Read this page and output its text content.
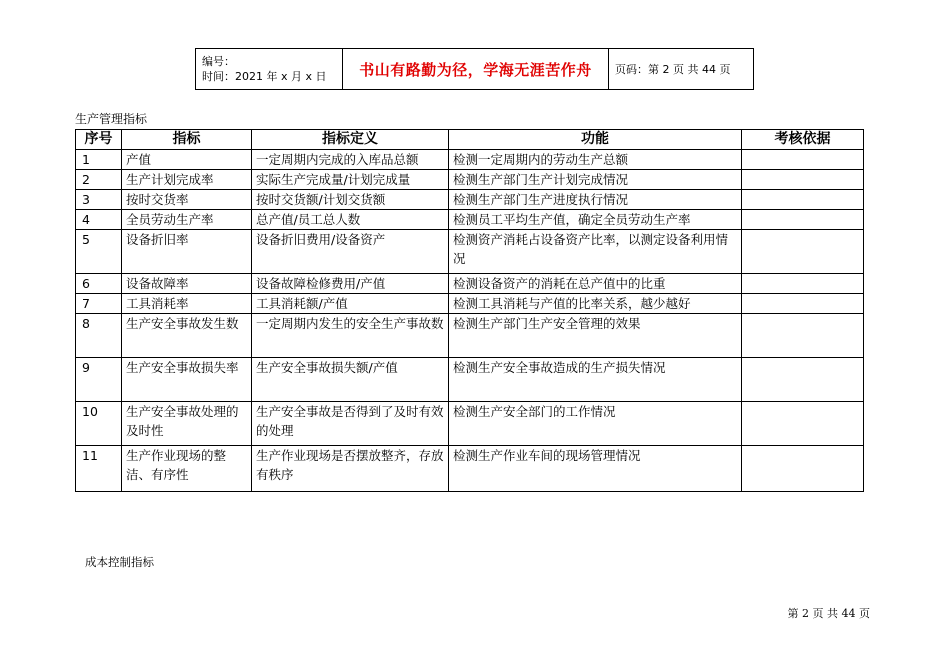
编号：
时间：2021 年 x 月 x 日	书山有路勤为径，学海无涯苦作舟	页码：第 2 页 共 44 页
生产管理指标
序号	指标	指标定义	功能	考核依据
1	产值	一定周期内完成的入库品总额	检测一定周期内的劳动生产总额	
2	生产计划完成率	实际生产完成量/计划完成量	检测生产部门生产计划完成情况	
3	按时交货率	按时交货额/计划交货额	检测生产部门生产进度执行情况	
4	全员劳动生产率	总产值/员工总人数	检测员工平均生产值，确定全员劳动生产率	
5	设备折旧率	设备折旧费用/设备资产	检测资产消耗占设备资产比率，以测定设备利用情况	
6	设备故障率	设备故障检修费用/产值	检测设备资产的消耗在总产值中的比重	
7	工具消耗率	工具消耗额/产值	检测工具消耗与产值的比率关系，越少越好	
8	生产安全事故发生数	一定周期内发生的安全生产事故数	检测生产部门生产安全管理的效果	
9	生产安全事故损失率	生产安全事故损失额/产值	检测生产安全事故造成的生产损失情况	
10	生产安全事故处理的及时性	生产安全事故是否得到了及时有效的处理	检测生产安全部门的工作情况	
11	生产作业现场的整洁、有序性	生产作业现场是否摆放整齐，存放有秩序	检测生产作业车间的现场管理情况	
成本控制指标
第 2 页 共 44 页
